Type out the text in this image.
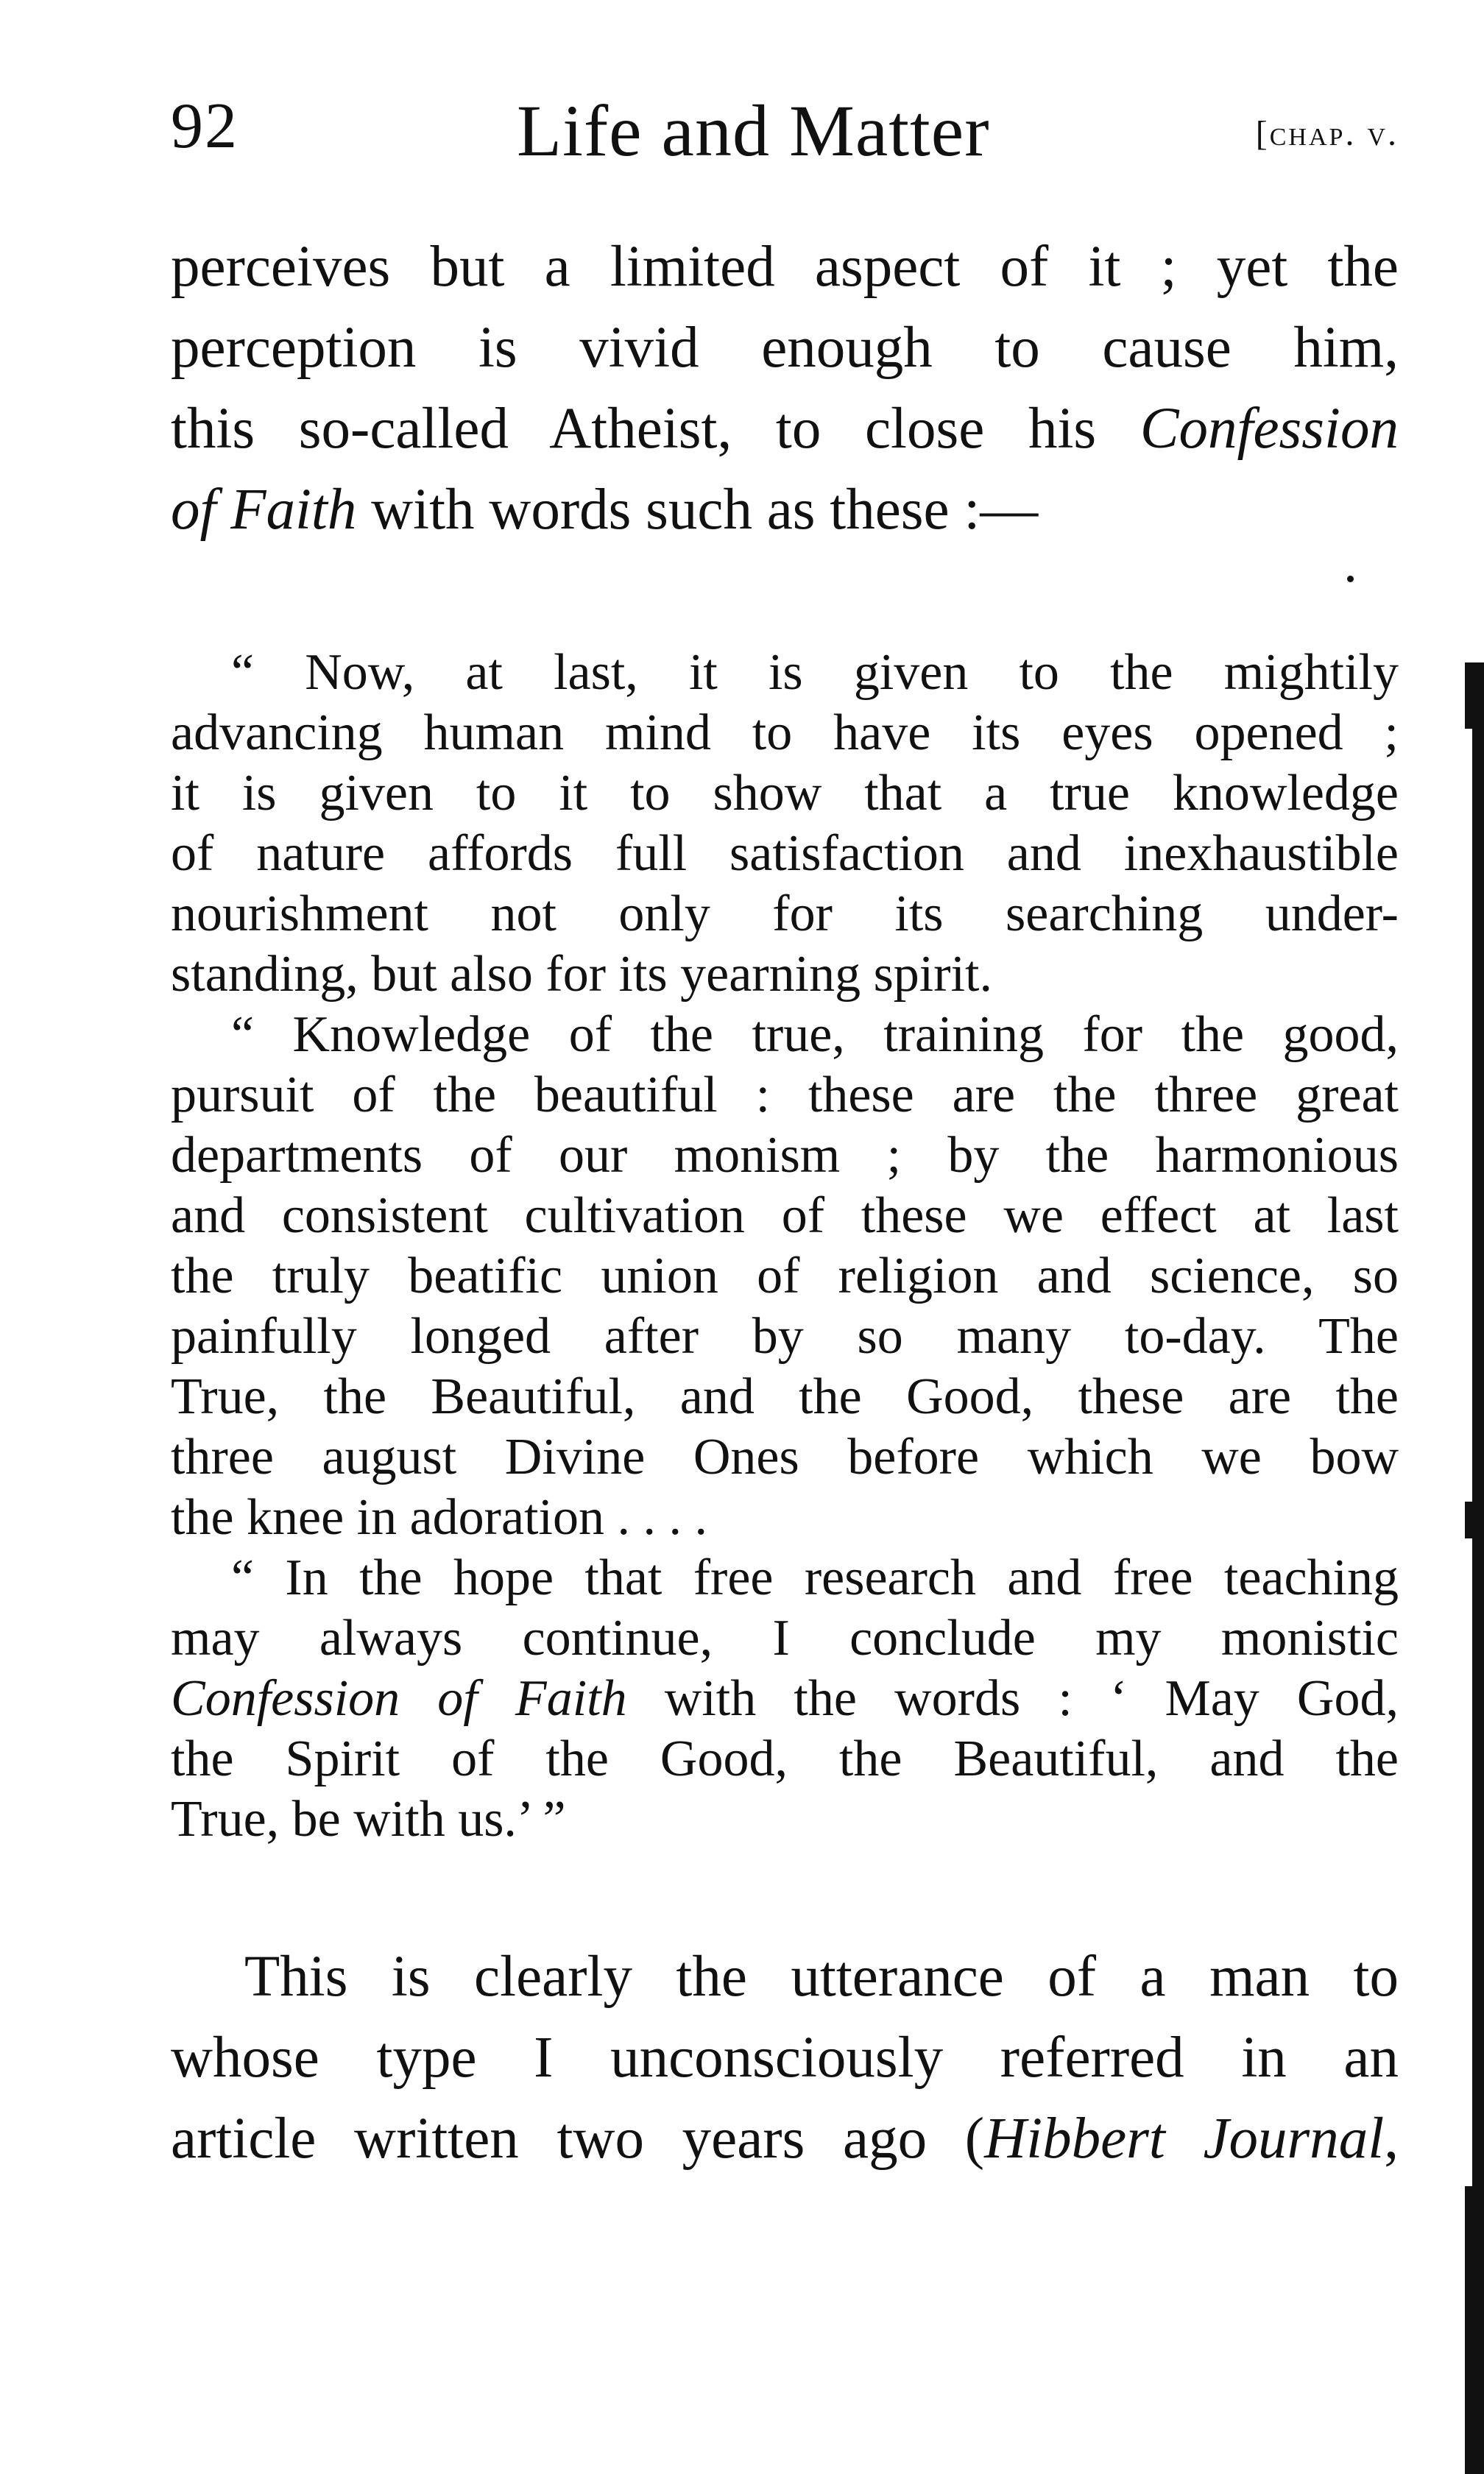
92	Life and Matter	[chap. v.
perceives but a limited aspect of it ; yet the
perception is vivid enough to cause him,
this so-called Atheist, to close his Confession
of Faith with words such as these :—
“ Now, at last, it is given to the mightily
advancing human mind to have its eyes opened ;
it is given to it to show that a true knowledge
of nature affords full satisfaction and inexhaustible
nourishment not only for its searching under-
standing, but also for its yearning spirit.
“ Knowledge of the true, training for the good,
pursuit of the beautiful : these are the three great
departments of our monism ; by the harmonious
and consistent cultivation of these we effect at last
the truly beatific union of religion and science, so
painfully longed after by so many to-day. The
True, the Beautiful, and the Good, these are the
three august Divine Ones before which we bow
the knee in adoration . . . .
“ In the hope that free research and free teaching
may always continue, I conclude my monistic
Confession of Faith with the words : ‘ May God,
the Spirit of the Good, the Beautiful, and the
True, be with us.’ ”
This is clearly the utterance of a man to
whose type I unconsciously referred in an
article written two years ago (Hibbert Journal,
